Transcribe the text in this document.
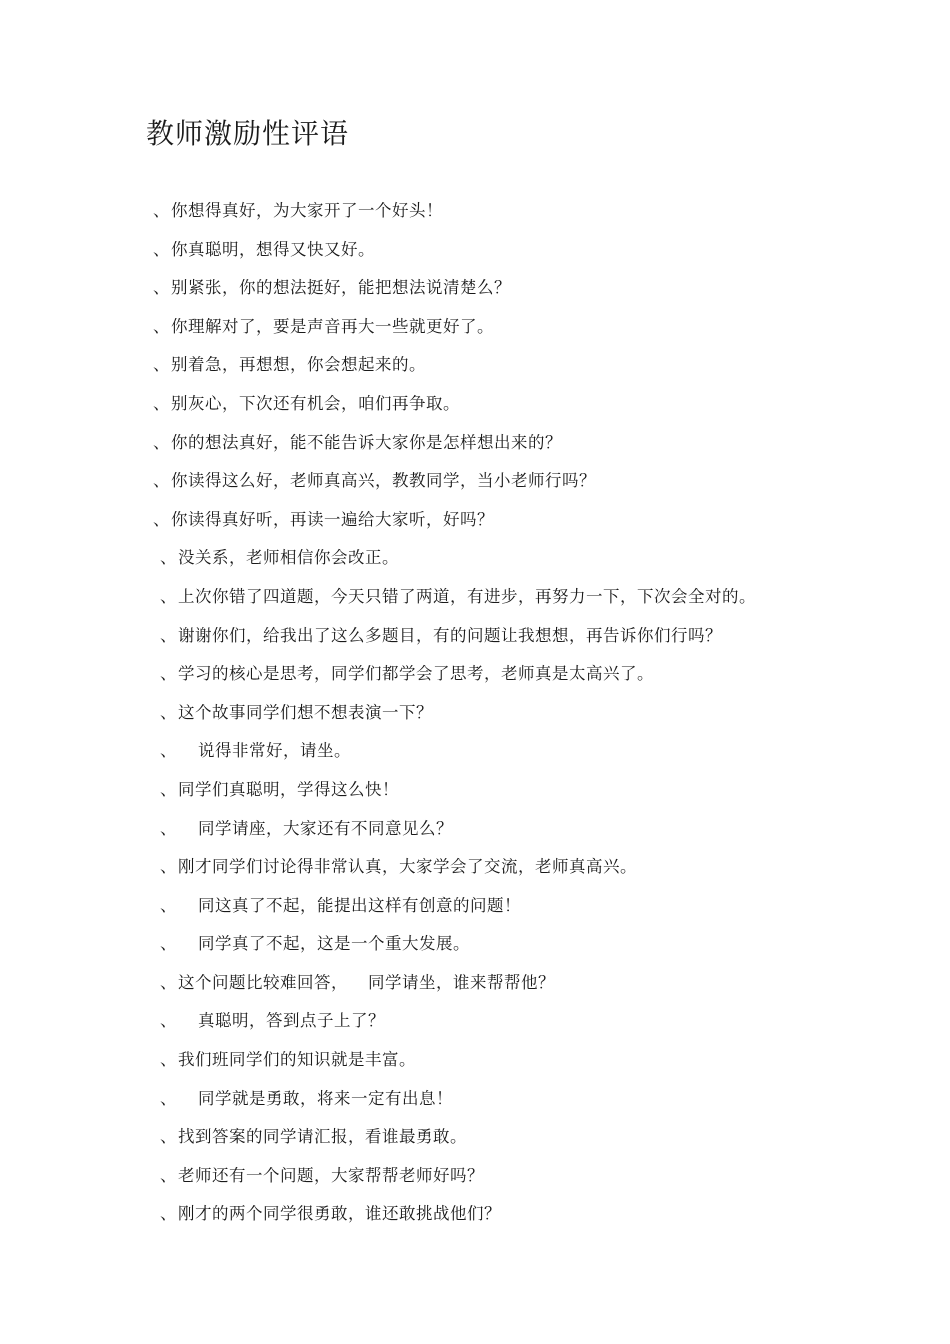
教师激励性评语
、你想得真好，为大家开了一个好头！
、你真聪明，想得又快又好。
、别紧张，你的想法挺好，能把想法说清楚么？
、你理解对了，要是声音再大一些就更好了。
、别着急，再想想，你会想起来的。
、别灰心，下次还有机会，咱们再争取。
、你的想法真好，能不能告诉大家你是怎样想出来的？
、你读得这么好，老师真高兴，教教同学，当小老师行吗？
、你读得真好听，再读一遍给大家听，好吗？
、没关系，老师相信你会改正。
、上次你错了四道题，今天只错了两道，有进步，再努力一下，下次会全对的。
、谢谢你们，给我出了这么多题目，有的问题让我想想，再告诉你们行吗？
、学习的核心是思考，同学们都学会了思考，老师真是太高兴了。
、这个故事同学们想不想表演一下？
、 说得非常好，请坐。
、同学们真聪明，学得这么快！
、 同学请座，大家还有不同意见么？
、刚才同学们讨论得非常认真，大家学会了交流，老师真高兴。
、 同这真了不起，能提出这样有创意的问题！
、 同学真了不起，这是一个重大发展。
、这个问题比较难回答， 同学请坐，谁来帮帮他？
、 真聪明，答到点子上了？
、我们班同学们的知识就是丰富。
、 同学就是勇敢，将来一定有出息！
、找到答案的同学请汇报，看谁最勇敢。
、老师还有一个问题，大家帮帮老师好吗？
、刚才的两个同学很勇敢，谁还敢挑战他们？
